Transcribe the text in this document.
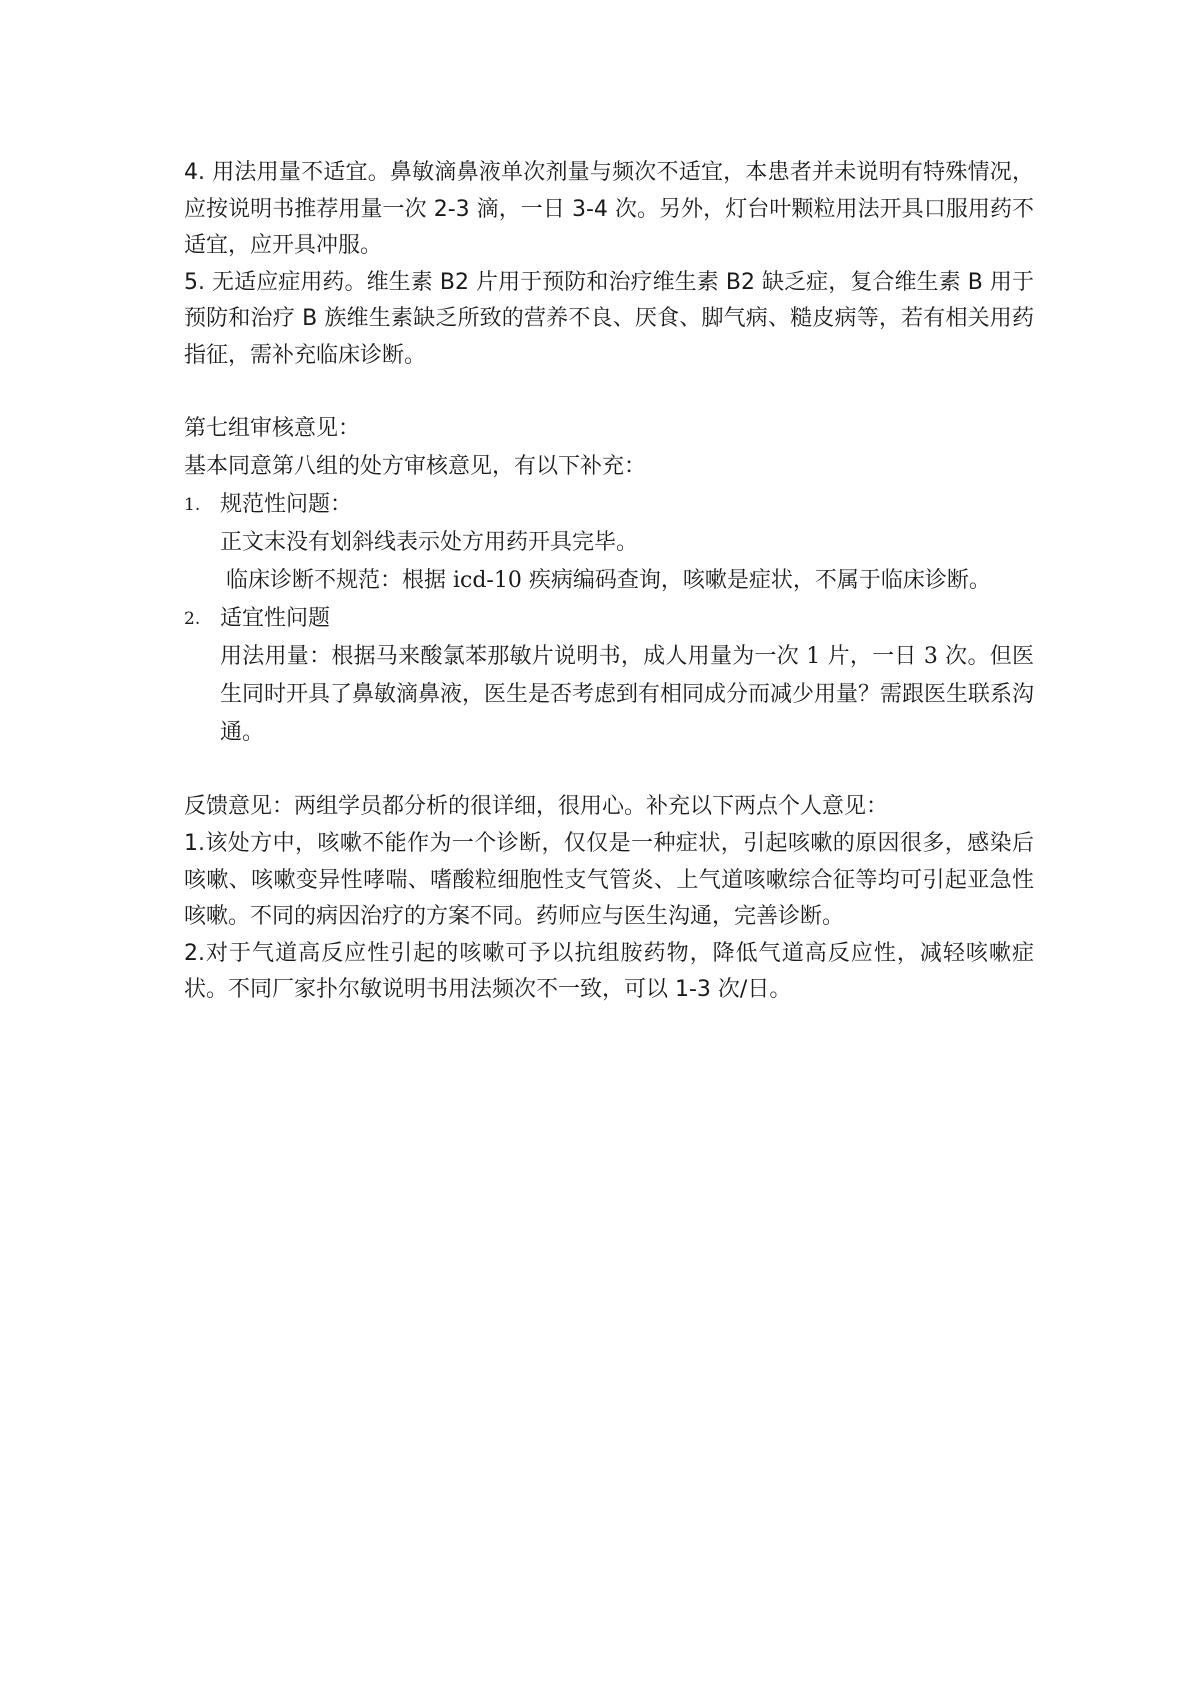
4. 用法用量不适宜。鼻敏滴鼻液单次剂量与频次不适宜，本患者并未说明有特殊情况，应按说明书推荐用量一次 2-3 滴，一日 3-4 次。另外，灯台叶颗粒用法开具口服用药不适宜，应开具冲服。

5. 无适应症用药。维生素 B2 片用于预防和治疗维生素 B2 缺乏症，复合维生素 B 用于预防和治疗 B 族维生素缺乏所致的营养不良、厌食、脚气病、糙皮病等，若有相关用药指征，需补充临床诊断。

第七组审核意见：

基本同意第八组的处方审核意见，有以下补充：

1. 规范性问题：

正文末没有划斜线表示处方用药开具完毕。

临床诊断不规范：根据 icd-10 疾病编码查询，咳嗽是症状，不属于临床诊断。

2. 适宜性问题

用法用量：根据马来酸氯苯那敏片说明书，成人用量为一次 1 片，一日 3 次。但医生同时开具了鼻敏滴鼻液，医生是否考虑到有相同成分而减少用量？需跟医生联系沟通。

反馈意见：两组学员都分析的很详细，很用心。补充以下两点个人意见：

1.该处方中，咳嗽不能作为一个诊断，仅仅是一种症状，引起咳嗽的原因很多，感染后咳嗽、咳嗽变异性哮喘、嗜酸粒细胞性支气管炎、上气道咳嗽综合征等均可引起亚急性咳嗽。不同的病因治疗的方案不同。药师应与医生沟通，完善诊断。

2.对于气道高反应性引起的咳嗽可予以抗组胺药物，降低气道高反应性，减轻咳嗽症状。不同厂家扑尔敏说明书用法频次不一致，可以 1-3 次/日。
